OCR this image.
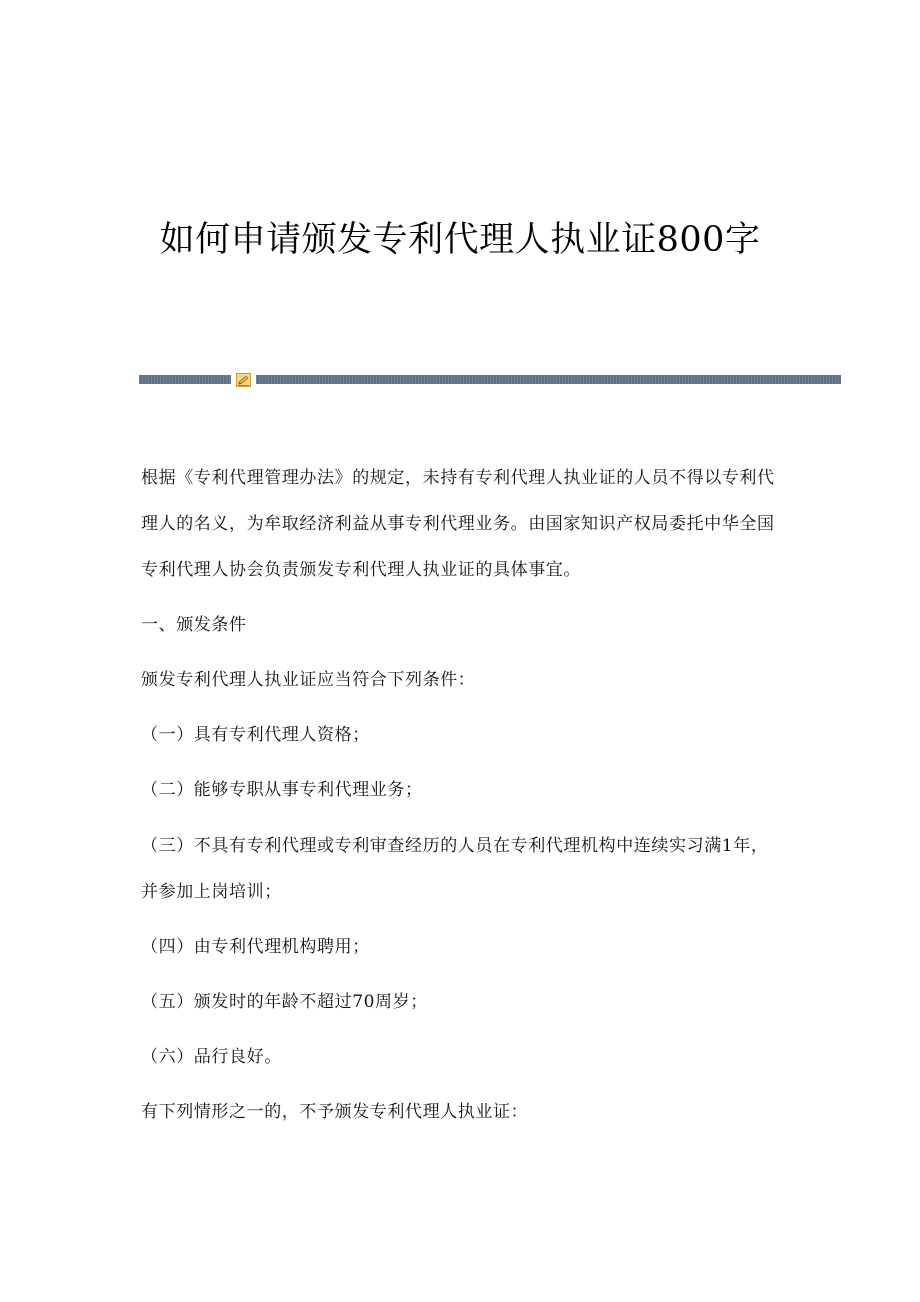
如何申请颁发专利代理人执业证800字

根据《专利代理管理办法》的规定，未持有专利代理人执业证的人员不得以专利代理人的名义，为牟取经济利益从事专利代理业务。由国家知识产权局委托中华全国专利代理人协会负责颁发专利代理人执业证的具体事宜。

一、颁发条件

颁发专利代理人执业证应当符合下列条件：

（一）具有专利代理人资格；

（二）能够专职从事专利代理业务；

（三）不具有专利代理或专利审查经历的人员在专利代理机构中连续实习满1年，并参加上岗培训；

（四）由专利代理机构聘用；

（五）颁发时的年龄不超过70周岁；

（六）品行良好。

有下列情形之一的，不予颁发专利代理人执业证：
